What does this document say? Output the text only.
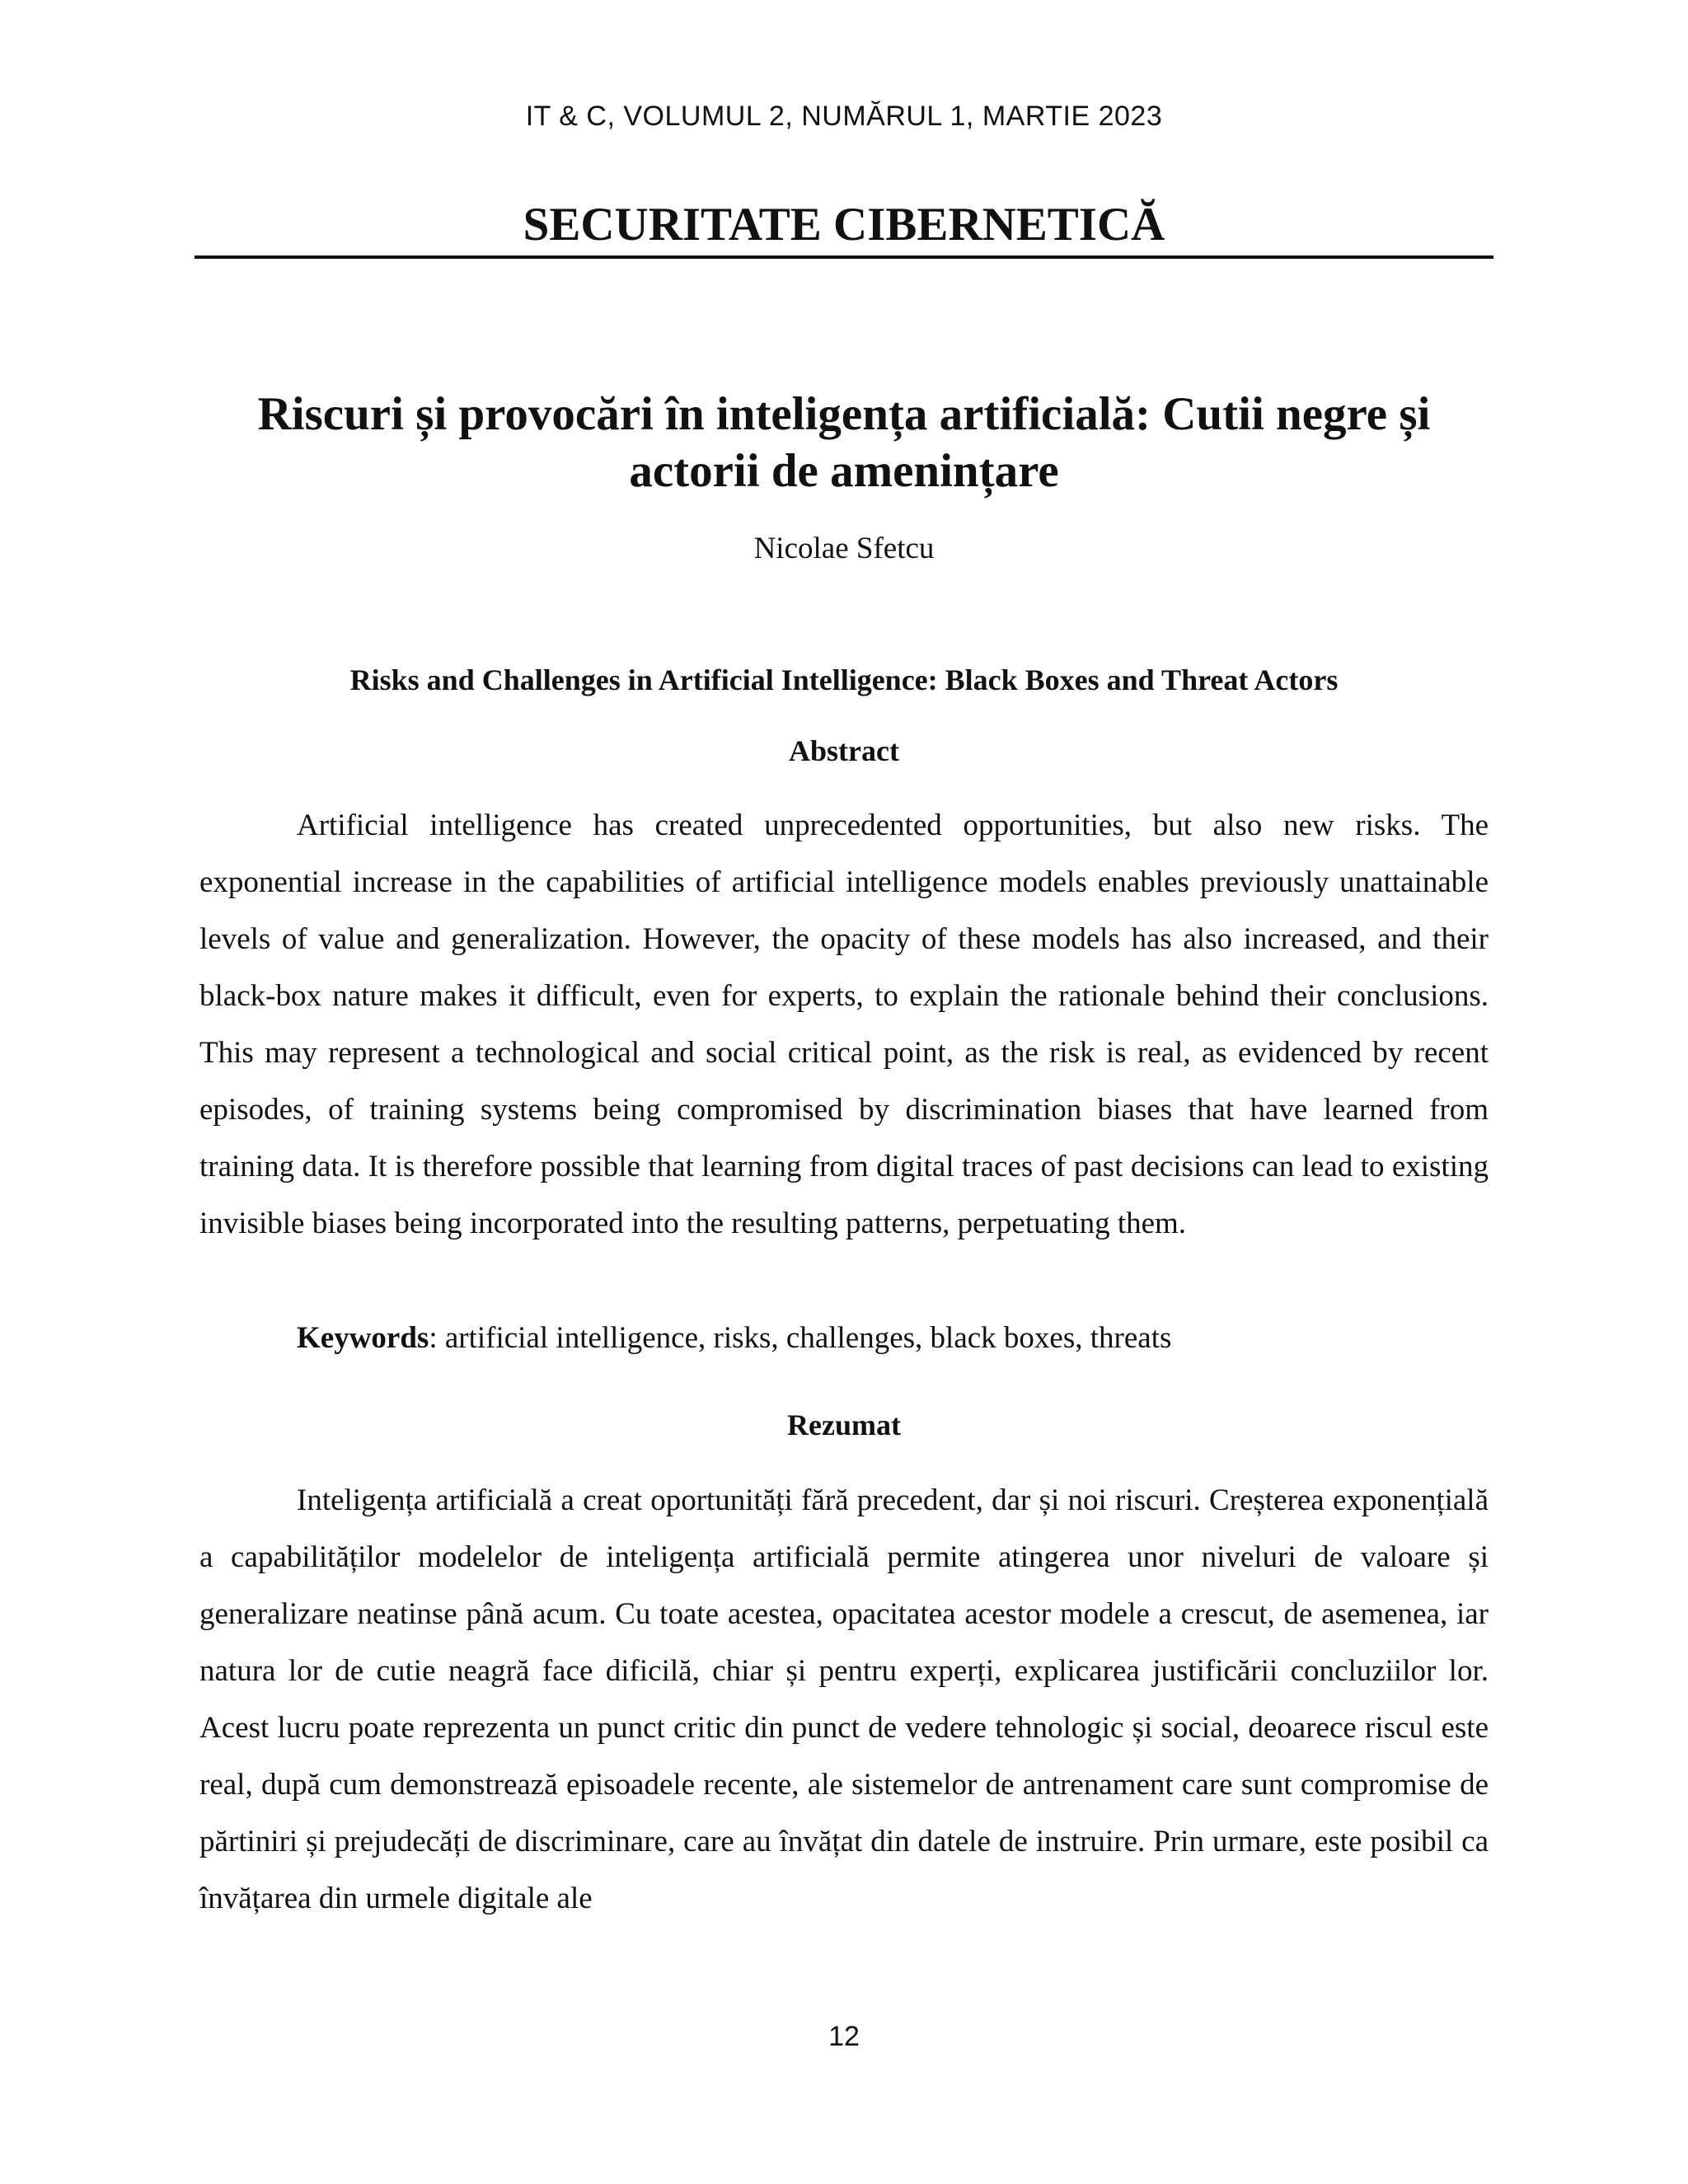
IT & C, VOLUMUL 2, NUMĂRUL 1, MARTIE 2023
SECURITATE CIBERNETICĂ
Riscuri și provocări în inteligența artificială: Cutii negre și actorii de amenințare
Nicolae Sfetcu
Risks and Challenges in Artificial Intelligence: Black Boxes and Threat Actors
Abstract

Artificial intelligence has created unprecedented opportunities, but also new risks. The exponential increase in the capabilities of artificial intelligence models enables previously unattainable levels of value and generalization. However, the opacity of these models has also increased, and their black-box nature makes it difficult, even for experts, to explain the rationale behind their conclusions. This may represent a technological and social critical point, as the risk is real, as evidenced by recent episodes, of training systems being compromised by discrimination biases that have learned from training data. It is therefore possible that learning from digital traces of past decisions can lead to existing invisible biases being incorporated into the resulting patterns, perpetuating them.

Keywords: artificial intelligence, risks, challenges, black boxes, threats
Rezumat

Inteligența artificială a creat oportunități fără precedent, dar și noi riscuri. Creșterea exponențială a capabilităților modelelor de inteligența artificială permite atingerea unor niveluri de valoare și generalizare neatinse până acum. Cu toate acestea, opacitatea acestor modele a crescut, de asemenea, iar natura lor de cutie neagră face dificilă, chiar și pentru experți, explicarea justificării concluziilor lor. Acest lucru poate reprezenta un punct critic din punct de vedere tehnologic și social, deoarece riscul este real, după cum demonstrează episoadele recente, ale sistemelor de antrenament care sunt compromise de părtiniri și prejudecăți de discriminare, care au învățat din datele de instruire. Prin urmare, este posibil ca învățarea din urmele digitale ale

12
